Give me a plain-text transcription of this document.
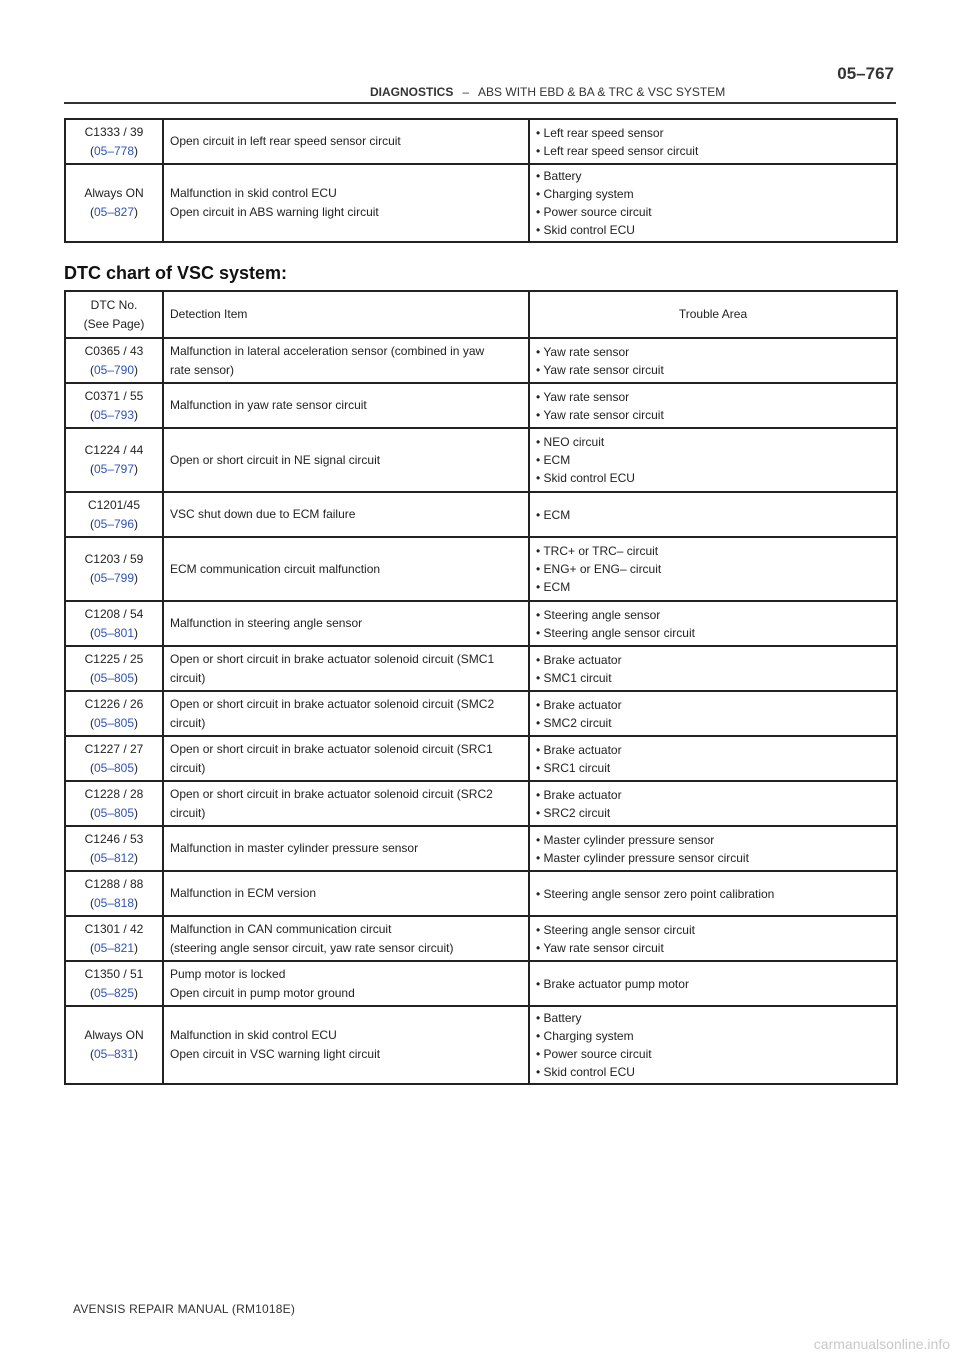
DIAGNOSTICS – ABS WITH EBD & BA & TRC & VSC SYSTEM
05–767
C1333 / 39
(05–778)	Open circuit in left rear speed sensor circuit	• Left rear speed sensor
• Left rear speed sensor circuit

Always ON
(05–827)	Malfunction in skid control ECU
Open circuit in ABS warning light circuit	• Battery
• Charging system
• Power source circuit
• Skid control ECU
DTC chart of VSC system:
DTC No.
(See Page)	Detection Item	Trouble Area

C0365 / 43
(05–790)	Malfunction in lateral acceleration sensor (combined in yaw
rate sensor)	• Yaw rate sensor
• Yaw rate sensor circuit

C0371 / 55
(05–793)	Malfunction in yaw rate sensor circuit	• Yaw rate sensor
• Yaw rate sensor circuit

C1224 / 44
(05–797)	Open or short circuit in NE signal circuit	• NEO circuit
• ECM
• Skid control ECU

C1201/45
(05–796)	VSC shut down due to ECM failure	• ECM

C1203 / 59
(05–799)	ECM communication circuit malfunction	• TRC+ or TRC– circuit
• ENG+ or ENG– circuit
• ECM

C1208 / 54
(05–801)	Malfunction in steering angle sensor	• Steering angle sensor
• Steering angle sensor circuit

C1225 / 25
(05–805)	Open or short circuit in brake actuator solenoid circuit (SMC1
circuit)	• Brake actuator
• SMC1 circuit

C1226 / 26
(05–805)	Open or short circuit in brake actuator solenoid circuit (SMC2
circuit)	• Brake actuator
• SMC2 circuit

C1227 / 27
(05–805)	Open or short circuit in brake actuator solenoid circuit (SRC1
circuit)	• Brake actuator
• SRC1 circuit

C1228 / 28
(05–805)	Open or short circuit in brake actuator solenoid circuit (SRC2
circuit)	• Brake actuator
• SRC2 circuit

C1246 / 53
(05–812)	Malfunction in master cylinder pressure sensor	• Master cylinder pressure sensor
• Master cylinder pressure sensor circuit

C1288 / 88
(05–818)	Malfunction in ECM version	• Steering angle sensor zero point calibration

C1301 / 42
(05–821)	Malfunction in CAN communication circuit
(steering angle sensor circuit, yaw rate sensor circuit)	• Steering angle sensor circuit
• Yaw rate sensor circuit

C1350 / 51
(05–825)	Pump motor is locked
Open circuit in pump motor ground	• Brake actuator pump motor

Always ON
(05–831)	Malfunction in skid control ECU
Open circuit in VSC warning light circuit	• Battery
• Charging system
• Power source circuit
• Skid control ECU
AVENSIS REPAIR MANUAL (RM1018E)
carmanualsonline.info
